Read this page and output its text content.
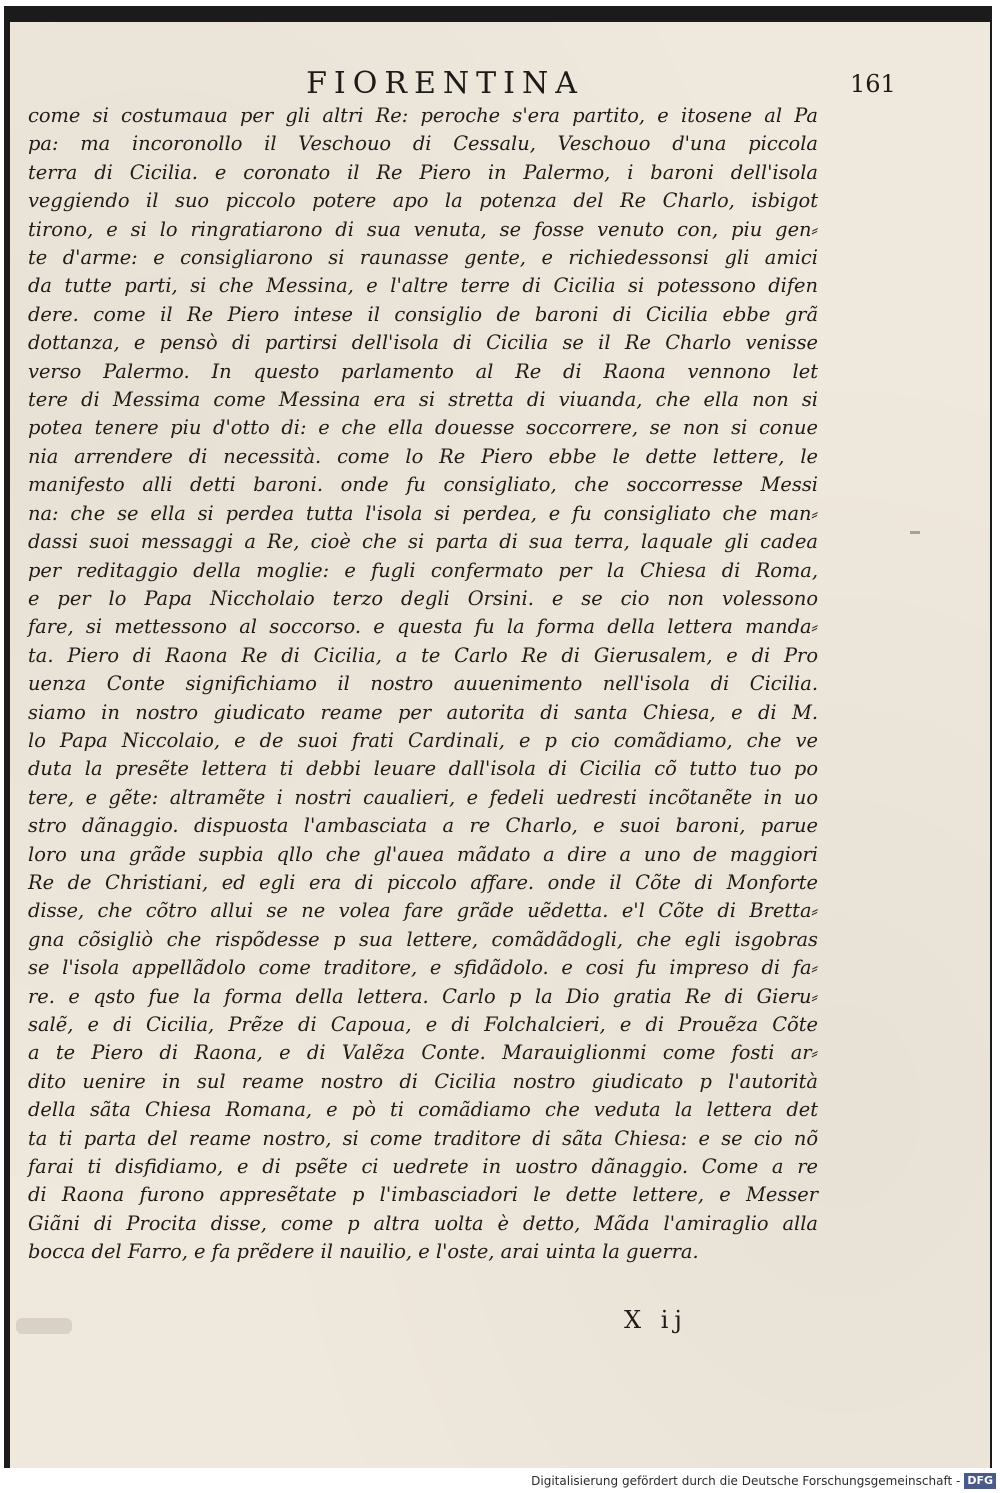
FIORENTINA	161
come si costumaua per gli altri Re: peroche s'era partito, e itosene al Pa
pa: ma incoronollo il Veschouo di Cessalu, Veschouo d'una piccola
terra di Cicilia. e coronato il Re Piero in Palermo, i baroni dell'isola
veggiendo il suo piccolo potere apo la potenza del Re Charlo, isbigot
tirono, e si lo ringratiarono di sua venuta, se fosse venuto con, piu gen⸗
te d'arme: e consigliarono si raunasse gente, e richiedessonsi gli amici
da tutte parti, si che Messina, e l'altre terre di Cicilia si potessono difen
dere. come il Re Piero intese il consiglio de baroni di Cicilia ebbe grã
dottanza, e pensò di partirsi dell'isola di Cicilia se il Re Charlo venisse
verso Palermo. In questo parlamento al Re di Raona vennono let
tere di Messima come Messina era si stretta di viuanda, che ella non si
potea tenere piu d'otto di: e che ella douesse soccorrere, se non si conue
nia arrendere di necessità. come lo Re Piero ebbe le dette lettere, le
manifesto alli detti baroni. onde fu consigliato, che soccorresse Messi
na: che se ella si perdea tutta l'isola si perdea, e fu consigliato che man⸗
dassi suoi messaggi a Re, cioè che si parta di sua terra, laquale gli cadea
per reditaggio della moglie: e fugli confermato per la Chiesa di Roma,
e per lo Papa Niccholaio terzo degli Orsini. e se cio non volessono
fare, si mettessono al soccorso. e questa fu la forma della lettera manda⸗
ta. Piero di Raona Re di Cicilia, a te Carlo Re di Gierusalem, e di Pro
uenza Conte significhiamo il nostro auuenimento nell'isola di Cicilia.
siamo in nostro giudicato reame per autorita di santa Chiesa, e di M.
lo Papa Niccolaio, e de suoi frati Cardinali, e p cio comãdiamo, che ve
duta la presẽte lettera ti debbi leuare dall'isola di Cicilia cõ tutto tuo po
tere, e gẽte: altramẽte i nostri caualieri, e fedeli uedresti incõtanẽte in uo
stro dãnaggio. dispuosta l'ambasciata a re Charlo, e suoi baroni, parue
loro una grãde supbia qllo che gl'auea mãdato a dire a uno de maggiori
Re de Christiani, ed egli era di piccolo affare. onde il Cõte di Monforte
disse, che cõtro allui se ne volea fare grãde uẽdetta. e'l Cõte di Bretta⸗
gna cõsigliò che rispõdesse p sua lettere, comãdãdogli, che egli isgobras
se l'isola appellãdolo come traditore, e sfidãdolo. e cosi fu impreso di fa⸗
re. e qsto fue la forma della lettera. Carlo p la Dio gratia Re di Gieru⸗
salẽ, e di Cicilia, Prẽze di Capoua, e di Folchalcieri, e di Prouẽza Cõte
a te Piero di Raona, e di Valẽza Conte. Marauiglionmi come fosti ar⸗
dito uenire in sul reame nostro di Cicilia nostro giudicato p l'autorità
della sãta Chiesa Romana, e pò ti comãdiamo che veduta la lettera det
ta ti parta del reame nostro, si come traditore di sãta Chiesa: e se cio nõ
farai ti disfidiamo, e di psẽte ci uedrete in uostro dãnaggio. Come a re
di Raona furono appresẽtate p l'imbasciadori le dette lettere, e Messer
Giãni di Procita disse, come p altra uolta è detto, Mãda l'amiraglio alla
bocca del Farro, e fa prẽdere il nauilio, e l'oste, arai uinta la guerra.
X ij
Digitalisierung gefördert durch die Deutsche Forschungsgemeinschaft - DFG
